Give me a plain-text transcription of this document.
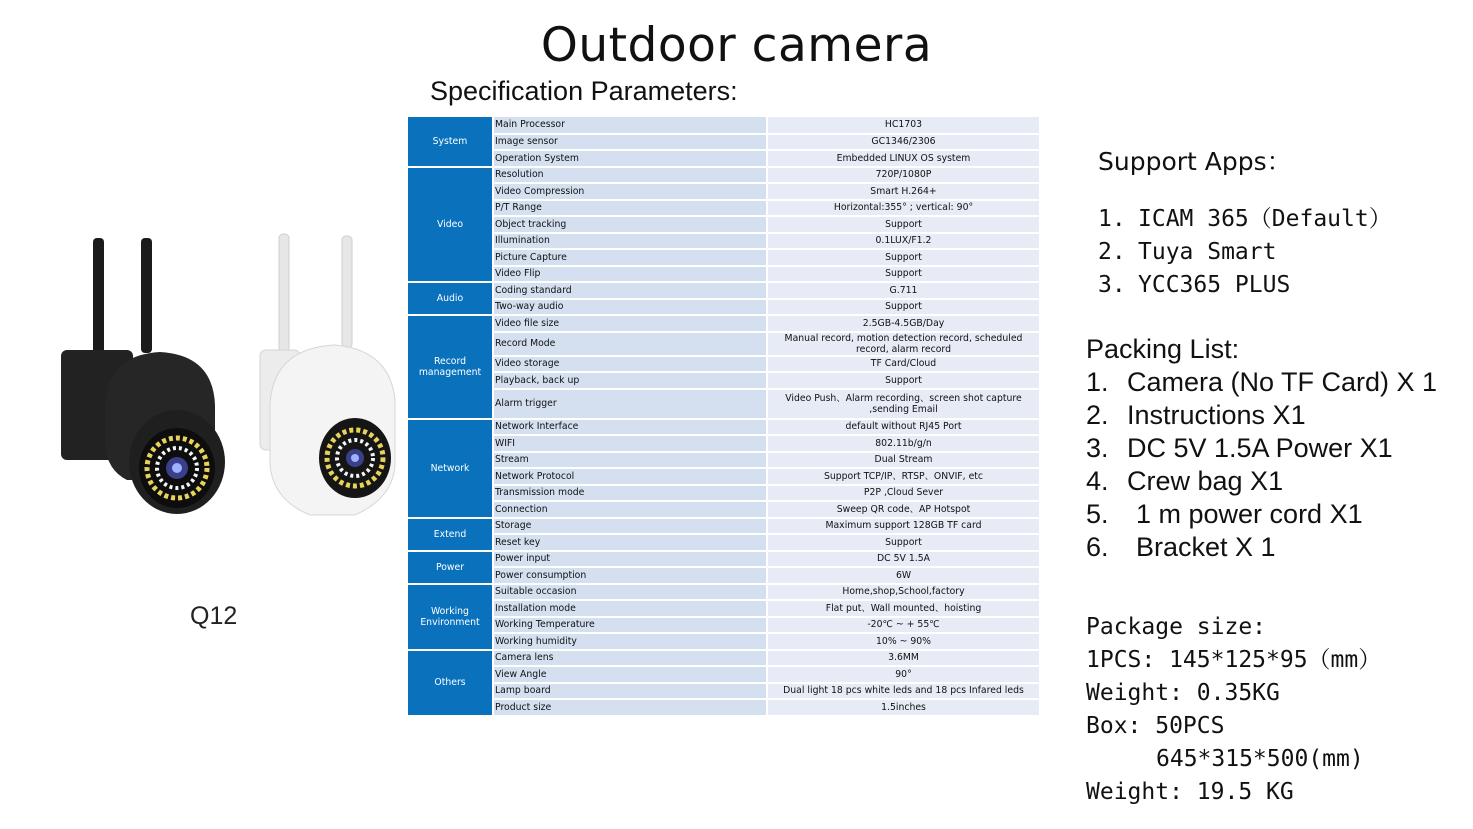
Outdoor camera
Specification Parameters:
Q12
System	Main Processor	HC1703
	Image sensor	GC1346/2306
	Operation System	Embedded LINUX OS system
Video	Resolution	720P/1080P
	Video Compression	Smart H.264+
	P/T Range	Horizontal:355° ; vertical: 90°
	Object tracking	Support
	Illumination	0.1LUX/F1.2
	Picture Capture	Support
	Video Flip	Support
Audio	Coding standard	G.711
	Two-way audio	Support
Record management	Video file size	2.5GB-4.5GB/Day
	Record Mode	Manual record, motion detection record, scheduled record, alarm record
	Video storage	TF Card/Cloud
	Playback, back up	Support
	Alarm trigger	Video Push、Alarm recording、screen shot capture ,sending Email
Network	Network Interface	default without RJ45 Port
	WIFI	802.11b/g/n
	Stream	Dual Stream
	Network Protocol	Support TCP/IP、RTSP、ONVIF, etc
	Transmission mode	P2P ,Cloud Sever
	Connection	Sweep QR code、AP Hotspot
Extend	Storage	Maximum support 128GB TF card
	Reset key	Support
Power	Power input	DC 5V 1.5A
	Power consumption	6W
Working Environment	Suitable occasion	Home,shop,School,factory
	Installation mode	Flat put、Wall mounted、hoisting
	Working Temperature	-20℃ ~ + 55℃
	Working humidity	10% ~ 90%
Others	Camera lens	3.6MM
	View Angle	90°
	Lamp board	Dual light 18 pcs white leds and 18 pcs Infared leds
	Product size	1.5inches
Support Apps：
1. ICAM 365（Default）
2. Tuya Smart
3. YCC365 PLUS
Packing List:
1. Camera (No TF Card) X 1
2. Instructions X1
3. DC 5V 1.5A Power X1
4. Crew bag X1
5. 1 m power cord X1
6. Bracket X 1
Package size:
1PCS: 145*125*95（mm）
Weight: 0.35KG
Box: 50PCS
645*315*500(mm)
Weight: 19.5 KG
